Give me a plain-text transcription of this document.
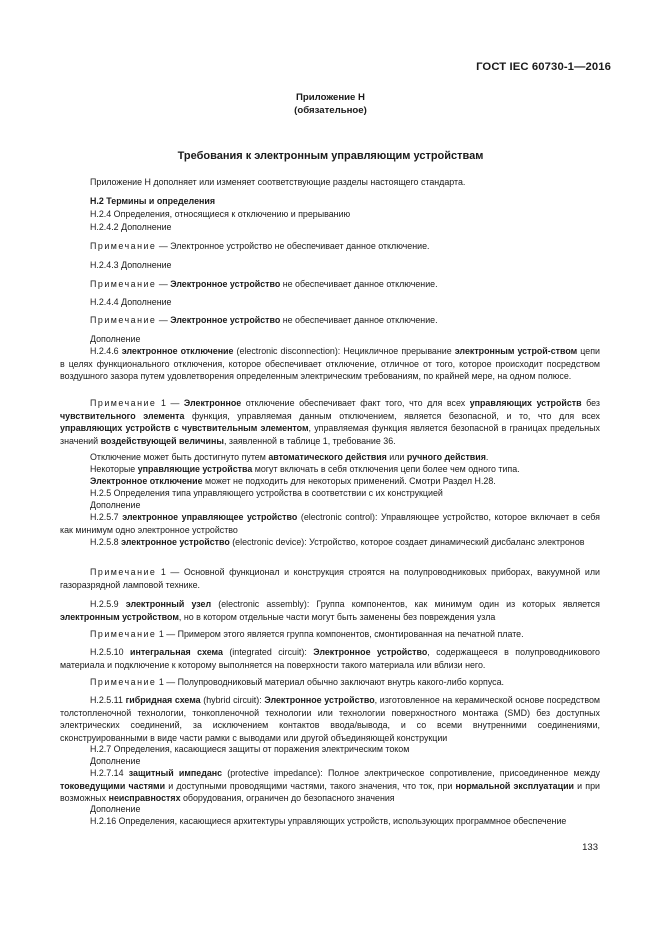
ГОСТ IEC 60730-1—2016
Приложение Н
(обязательное)
Требования к электронным управляющим устройствам
Приложение Н дополняет или изменяет соответствующие разделы настоящего стандарта.
Н.2 Термины и определения
Н.2.4 Определения, относящиеся к отключению и прерыванию
Н.2.4.2 Дополнение
Примечание — Электронное устройство не обеспечивает данное отключение.
Н.2.4.3 Дополнение
Примечание — Электронное устройство не обеспечивает данное отключение.
Н.2.4.4 Дополнение
Примечание — Электронное устройство не обеспечивает данное отключение.
Дополнение
Н.2.4.6 электронное отключение (electronic disconnection): Нецикличное прерывание электронным устрой-ством цепи в целях функционального отключения, которое обеспечивает отключение, отличное от того, которое происходит посредством воздушного зазора путем удовлетворения определенным электрическим требованиям, по крайней мере, на одном полюсе.
Примечание 1 — Электронное отключение обеспечивает факт того, что для всех управляющих устройств без чувствительного элемента функция, управляемая данным отключением, является безопасной, и то, что для всех управляющих устройств с чувствительным элементом, управляемая функция является безопасной в границах предельных значений воздействующей величины, заявленной в таблице 1, требование 36.
Отключение может быть достигнуто путем автоматического действия или ручного действия.
Некоторые управляющие устройства могут включать в себя отключения цепи более чем одного типа.
Электронное отключение может не подходить для некоторых применений. Смотри Раздел Н.28.
Н.2.5 Определения типа управляющего устройства в соответствии с их конструкцией
Дополнение
Н.2.5.7 электронное управляющее устройство (electronic control): Управляющее устройство, которое включает в себя как минимум одно электронное устройство
Н.2.5.8 электронное устройство (electronic device): Устройство, которое создает динамический дисбаланс электронов
Примечание 1 — Основной функционал и конструкция строятся на полупроводниковых приборах, вакуумной или газоразрядной ламповой технике.
Н.2.5.9 электронный узел (electronic assembly): Группа компонентов, как минимум один из которых является электронным устройством, но в котором отдельные части могут быть заменены без повреждения узла
Примечание 1 — Примером этого является группа компонентов, смонтированная на печатной плате.
Н.2.5.10 интегральная схема (integrated circuit): Электронное устройство, содержащееся в полупроводникового материала и подключение к которому выполняется на поверхности такого материала или вблизи него.
Примечание 1 — Полупроводниковый материал обычно заключают внутрь какого-либо корпуса.
Н.2.5.11 гибридная схема (hybrid circuit): Электронное устройство, изготовленное на керамической основе посредством толстопленочной технологии, тонкопленочной технологии или технологии поверхностного монтажа (SMD) без доступных электрических соединений, за исключением контактов ввода/вывода, и со всеми внутренними соединениями, сконструированными в виде части рамки с выводами или другой объединяющей конструкции
Н.2.7 Определения, касающиеся защиты от поражения электрическим током
Дополнение
Н.2.7.14 защитный импеданс (protective impedance): Полное электрическое сопротивление, присоединенное между токоведущими частями и доступными проводящими частями, такого значения, что ток, при нормальной эксплуатации и при возможных неисправностях оборудования, ограничен до безопасного значения
Дополнение
Н.2.16 Определения, касающиеся архитектуры управляющих устройств, использующих программное обеспечение
133
